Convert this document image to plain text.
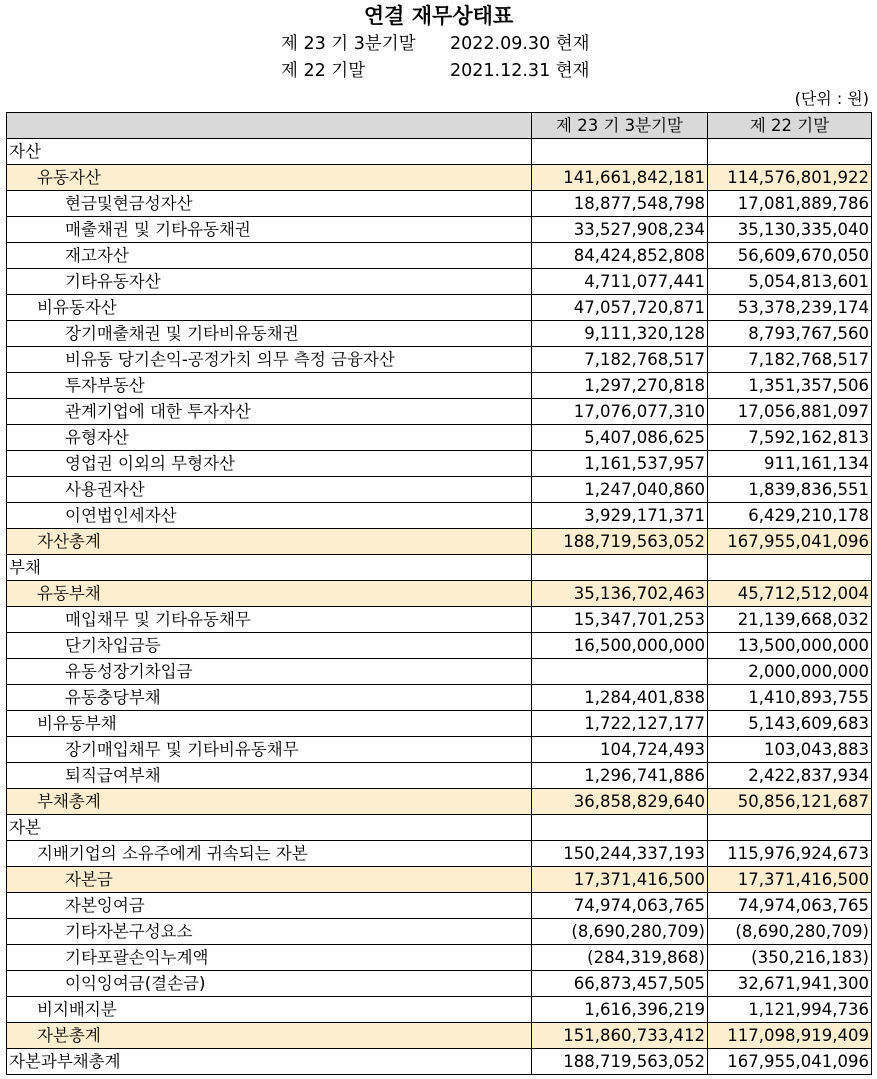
연결 재무상태표
제 23 기 3분기말 2022.09.30 현재
제 22 기말	2021.12.31 현재
(단위 : 원)
	제 23 기 3분기말	제 22 기말
자산		
유동자산	141,661,842,181	114,576,801,922
현금및현금성자산	18,877,548,798	17,081,889,786
매출채권 및 기타유동채권	33,527,908,234	35,130,335,040
재고자산	84,424,852,808	56,609,670,050
기타유동자산	4,711,077,441	5,054,813,601
비유동자산	47,057,720,871	53,378,239,174
장기매출채권 및 기타비유동채권	9,111,320,128	8,793,767,560
비유동 당기손익-공정가치 의무 측정 금융자산	7,182,768,517	7,182,768,517
투자부동산	1,297,270,818	1,351,357,506
관계기업에 대한 투자자산	17,076,077,310	17,056,881,097
유형자산	5,407,086,625	7,592,162,813
영업권 이외의 무형자산	1,161,537,957	911,161,134
사용권자산	1,247,040,860	1,839,836,551
이연법인세자산	3,929,171,371	6,429,210,178
자산총계	188,719,563,052	167,955,041,096
부채		
유동부채	35,136,702,463	45,712,512,004
매입채무 및 기타유동채무	15,347,701,253	21,139,668,032
단기차입금등	16,500,000,000	13,500,000,000
유동성장기차입금		2,000,000,000
유동충당부채	1,284,401,838	1,410,893,755
비유동부채	1,722,127,177	5,143,609,683
장기매입채무 및 기타비유동채무	104,724,493	103,043,883
퇴직급여부채	1,296,741,886	2,422,837,934
부채총계	36,858,829,640	50,856,121,687
자본		
지배기업의 소유주에게 귀속되는 자본	150,244,337,193	115,976,924,673
자본금	17,371,416,500	17,371,416,500
자본잉여금	74,974,063,765	74,974,063,765
기타자본구성요소	(8,690,280,709)	(8,690,280,709)
기타포괄손익누계액	(284,319,868)	(350,216,183)
이익잉여금(결손금)	66,873,457,505	32,671,941,300
비지배지분	1,616,396,219	1,121,994,736
자본총계	151,860,733,412	117,098,919,409
자본과부채총계	188,719,563,052	167,955,041,096
